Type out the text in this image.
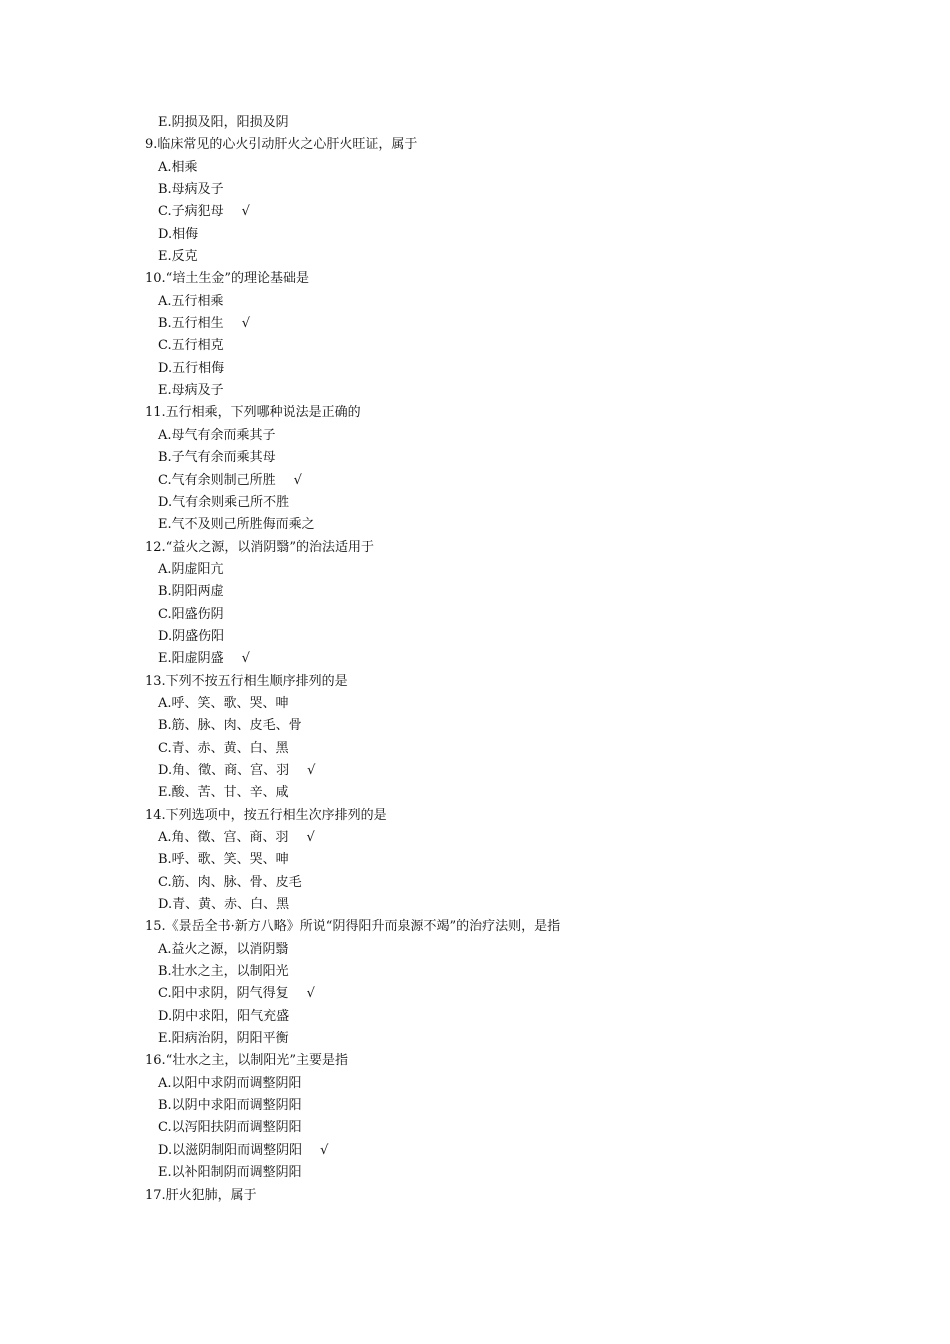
E.阴损及阳，阳损及阴
9.临床常见的心火引动肝火之心肝火旺证，属于
A.相乘
B.母病及子
C.子病犯母 √
D.相侮
E.反克
10.“培土生金”的理论基础是
A.五行相乘
B.五行相生 √
C.五行相克
D.五行相侮
E.母病及子
11.五行相乘，下列哪种说法是正确的
A.母气有余而乘其子
B.子气有余而乘其母
C.气有余则制己所胜 √
D.气有余则乘己所不胜
E.气不及则己所胜侮而乘之
12.“益火之源，以消阴翳”的治法适用于
A.阴虚阳亢
B.阴阳两虚
C.阳盛伤阴
D.阴盛伤阳
E.阳虚阴盛 √
13.下列不按五行相生顺序排列的是
A.呼、笑、歌、哭、呻
B.筋、脉、肉、皮毛、骨
C.青、赤、黄、白、黑
D.角、徵、商、宫、羽 √
E.酸、苦、甘、辛、咸
14.下列选项中，按五行相生次序排列的是
A.角、徵、宫、商、羽 √
B.呼、歌、笑、哭、呻
C.筋、肉、脉、骨、皮毛
D.青、黄、赤、白、黑
15.《景岳全书·新方八略》所说“阴得阳升而泉源不竭”的治疗法则，是指
A.益火之源，以消阴翳
B.壮水之主，以制阳光
C.阳中求阴，阴气得复 √
D.阴中求阳，阳气充盛
E.阳病治阴，阴阳平衡
16.“壮水之主，以制阳光”主要是指
A.以阳中求阴而调整阴阳
B.以阴中求阳而调整阴阳
C.以泻阳扶阴而调整阴阳
D.以滋阴制阳而调整阴阳 √
E.以补阳制阴而调整阴阳
17.肝火犯肺，属于
